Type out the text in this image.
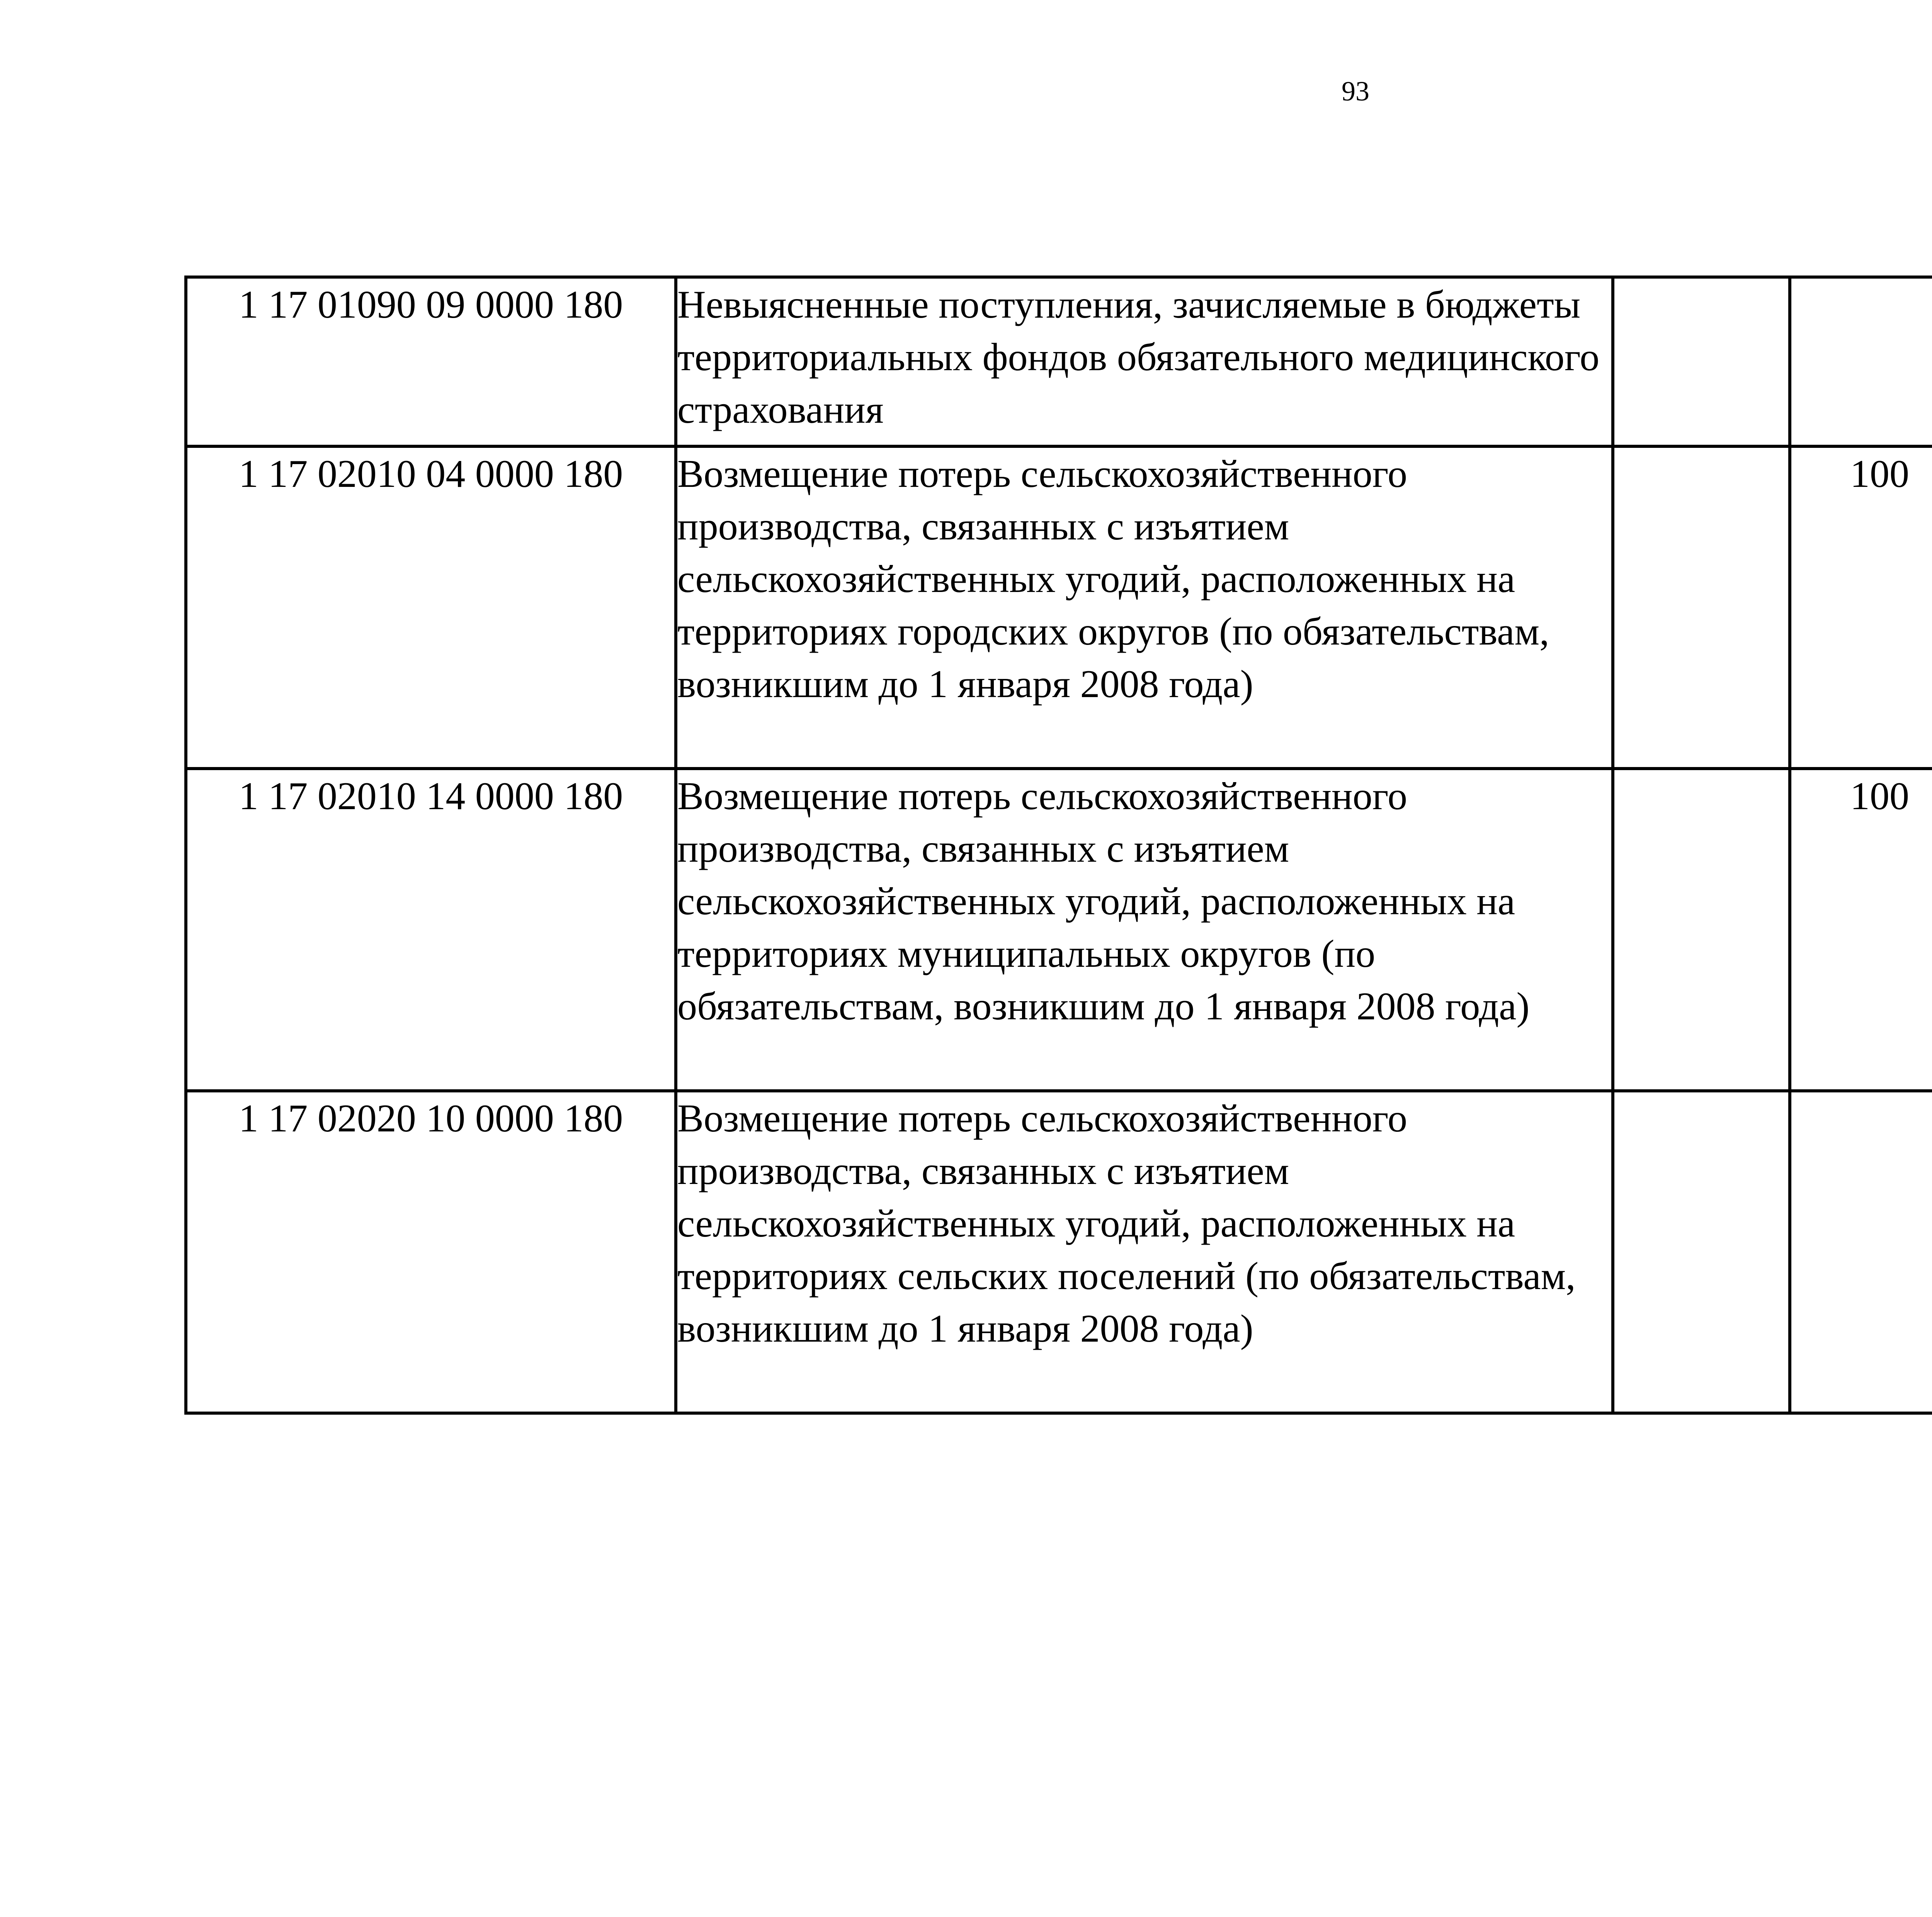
93
1 17 01090 09 0000 180	Невыясненные поступления, зачисляемые в бюджеты территориальных фондов обязательного медицинского страхования					
1 17 02010 04 0000 180	Возмещение потерь сельскохозяйственного производства, связанных с изъятием сельскохозяйственных угодий, расположенных на территориях городских округов (по обязательствам, возникшим до 1 января 2008 года)		100			
1 17 02010 14 0000 180	Возмещение потерь сельскохозяйственного производства, связанных с изъятием сельскохозяйственных угодий, расположенных на территориях муниципальных округов (по обязательствам, возникшим до 1 января 2008 года)		100			
1 17 02020 10 0000 180	Возмещение потерь сельскохозяйственного производства, связанных с изъятием сельскохозяйственных угодий, расположенных на территориях сельских поселений (по обязательствам, возникшим до 1 января 2008 года)					
